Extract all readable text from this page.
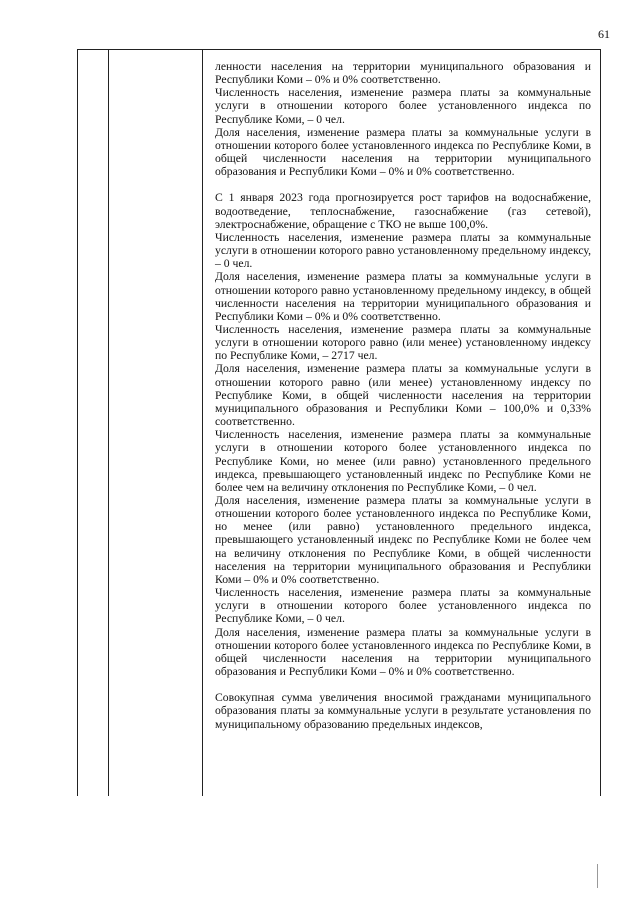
61

ленности населения на территории муниципального образования и Республики Коми – 0% и 0% соответственно.

Численность населения, изменение размера платы за коммунальные услуги в отношении которого более установленного индекса по Республике Коми, – 0 чел.

Доля населения, изменение размера платы за коммунальные услуги в отношении которого более установленного индекса по Республике Коми, в общей численности населения на территории муниципального образования и Республики Коми – 0% и 0% соответственно.

С 1 января 2023 года прогнозируется рост тарифов на водоснабжение, водоотведение, теплоснабжение, газоснабжение (газ сетевой), электроснабжение, обращение с ТКО не выше 100,0%.

Численность населения, изменение размера платы за коммунальные услуги в отношении которого равно установленному предельному индексу, – 0 чел.

Доля населения, изменение размера платы за коммунальные услуги в отношении которого равно установленному предельному индексу, в общей численности населения на территории муниципального образования и Республики Коми – 0% и 0% соответственно.

Численность населения, изменение размера платы за коммунальные услуги в отношении которого равно (или менее) установленному индексу по Республике Коми, – 2717 чел.

Доля населения, изменение размера платы за коммунальные услуги в отношении которого равно (или менее) установленному индексу по Республике Коми, в общей численности населения на территории муниципального образования и Республики Коми – 100,0% и 0,33% соответственно.

Численность населения, изменение размера платы за коммунальные услуги в отношении которого более установленного индекса по Республике Коми, но менее (или равно) установленного предельного индекса, превышающего установленный индекс по Республике Коми не более чем на величину отклонения по Республике Коми, – 0 чел.

Доля населения, изменение размера платы за коммунальные услуги в отношении которого более установленного индекса по Республике Коми, но менее (или равно) установленного предельного индекса, превышающего установленный индекс по Республике Коми не более чем на величину отклонения по Республике Коми, в общей численности населения на территории муниципального образования и Республики Коми – 0% и 0% соответственно.

Численность населения, изменение размера платы за коммунальные услуги в отношении которого более установленного индекса по Республике Коми, – 0 чел.

Доля населения, изменение размера платы за коммунальные услуги в отношении которого более установленного индекса по Республике Коми, в общей численности населения на территории муниципального образования и Республики Коми – 0% и 0% соответственно.

Совокупная сумма увеличения вносимой гражданами муниципального образования платы за коммунальные услуги в результате установления по муниципальному образованию предельных индексов,
